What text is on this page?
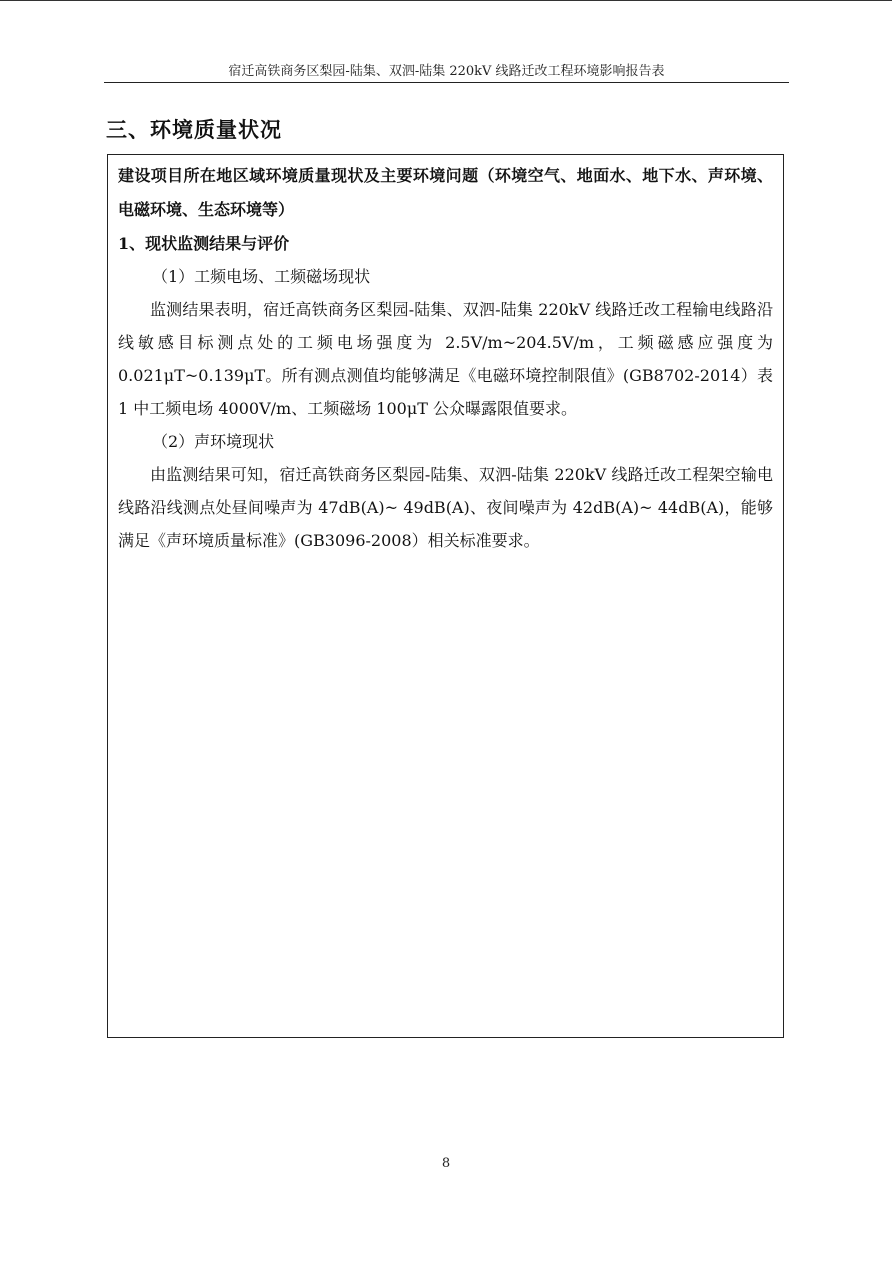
宿迁高铁商务区梨园-陆集、双泗-陆集 220kV 线路迁改工程环境影响报告表
三、环境质量状况

建设项目所在地区域环境质量现状及主要环境问题（环境空气、地面水、地下水、声环境、电磁环境、生态环境等）

1、现状监测结果与评价

（1）工频电场、工频磁场现状

监测结果表明，宿迁高铁商务区梨园-陆集、双泗-陆集 220kV 线路迁改工程输电线路沿线敏感目标测点处的工频电场强度为 2.5V/m~204.5V/m，工频磁感应强度为 0.021μT~0.139μT。所有测点测值均能够满足《电磁环境控制限值》(GB8702-2014）表 1 中工频电场 4000V/m、工频磁场 100μT 公众曝露限值要求。

（2）声环境现状

由监测结果可知，宿迁高铁商务区梨园-陆集、双泗-陆集 220kV 线路迁改工程架空输电线路沿线测点处昼间噪声为 47dB(A)~ 49dB(A)、夜间噪声为 42dB(A)~ 44dB(A)，能够满足《声环境质量标准》(GB3096-2008）相关标准要求。

8
